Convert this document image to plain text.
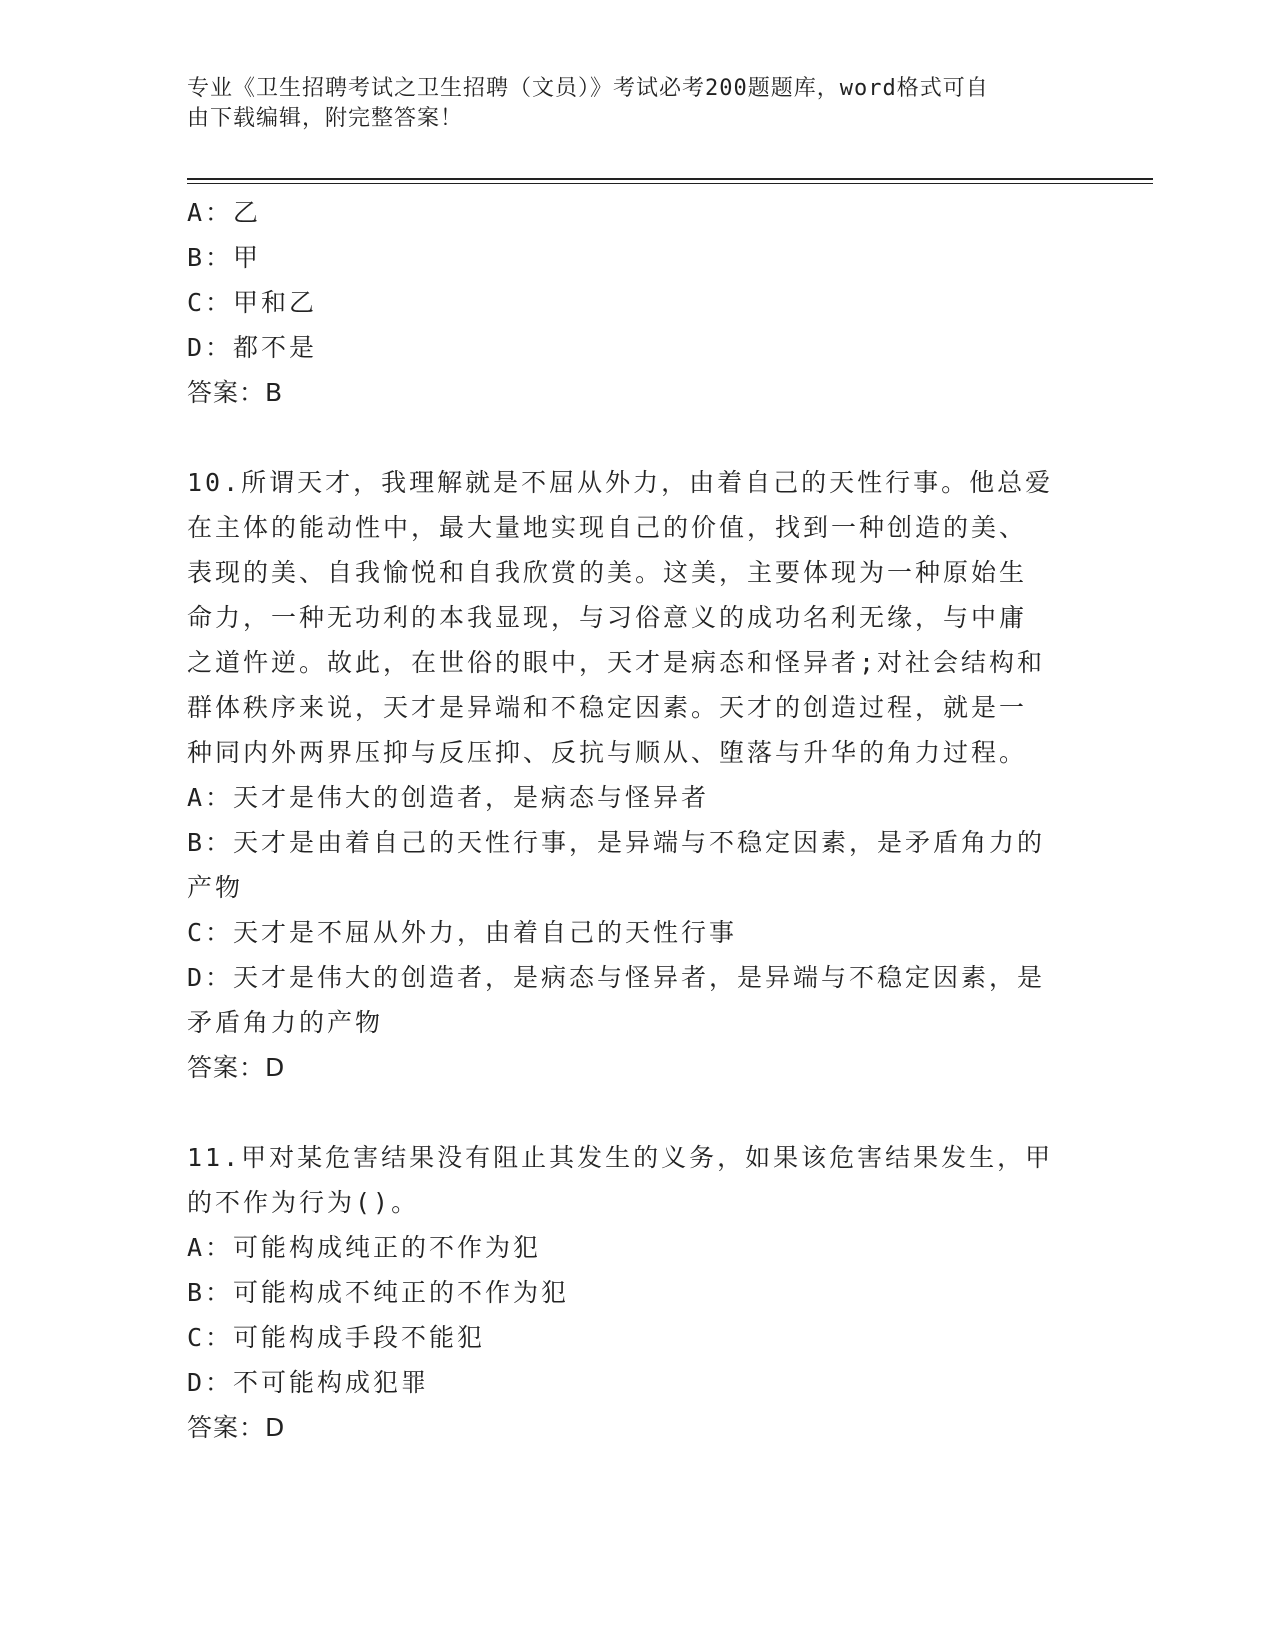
专业《卫生招聘考试之卫生招聘（文员）》考试必考200题题库，word格式可自
由下载编辑，附完整答案！
A：乙
B：甲
C：甲和乙
D：都不是
答案：B
10.所谓天才，我理解就是不屈从外力，由着自己的天性行事。他总爱
在主体的能动性中，最大量地实现自己的价值，找到一种创造的美、
表现的美、自我愉悦和自我欣赏的美。这美，主要体现为一种原始生
命力，一种无功利的本我显现，与习俗意义的成功名利无缘，与中庸
之道忤逆。故此，在世俗的眼中，天才是病态和怪异者;对社会结构和
群体秩序来说，天才是异端和不稳定因素。天才的创造过程，就是一
种同内外两界压抑与反压抑、反抗与顺从、堕落与升华的角力过程。
A：天才是伟大的创造者，是病态与怪异者
B：天才是由着自己的天性行事，是异端与不稳定因素，是矛盾角力的
产物
C：天才是不屈从外力，由着自己的天性行事
D：天才是伟大的创造者，是病态与怪异者，是异端与不稳定因素，是
矛盾角力的产物
答案：D
11.甲对某危害结果没有阻止其发生的义务，如果该危害结果发生，甲
的不作为行为()。
A：可能构成纯正的不作为犯
B：可能构成不纯正的不作为犯
C：可能构成手段不能犯
D：不可能构成犯罪
答案：D
